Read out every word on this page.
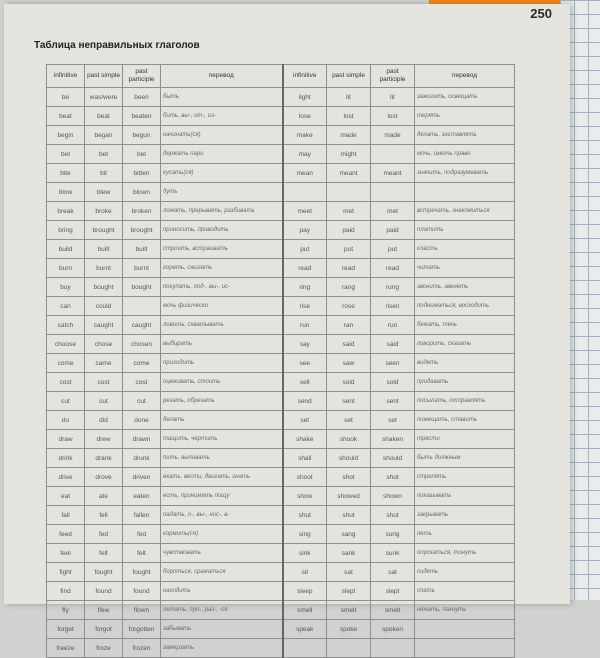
250
Таблица неправильных глаголов
infinitive	past simple	past participle	перевод	infinitive	past simple	past participle	перевод
be	was/were	been	быть	light	lit	lit	зажигать, освещать
beat	beat	beaten	бить, вы-, от-, из-	lose	lost	lost	терять
begin	began	begun	начинать(ся)	make	made	made	делать, заставлять
bet	bet	bet	держать пари	may	might		мочь, иметь право
bite	bit	bitten	кусать(ся)	mean	meant	meant	значить, подразумевать
blow	blew	blown	дуть				
break	broke	broken	ломать, прерывать, разбивать	meet	met	met	встречать, знакомиться
bring	brought	brought	приносить, приводить	pay	paid	paid	платить
build	built	built	строить, встраивать	put	put	put	класть
burn	burnt	burnt	гореть, сжигать	read	read	read	читать
buy	bought	bought	покупать, под-, вы-, ис-	ring	rang	rung	звонить, звенеть
can	could		мочь физически	rise	rose	risen	подниматься, восходить
catch	caught	caught	ловить, схватывать	run	ran	run	бежать, течь
choose	chose	chosen	выбирать	say	said	said	говорить, сказать
come	came	come	приходить	see	saw	seen	видеть
cost	cost	cost	оценивать, стоить	sell	sold	sold	продавать
cut	cut	cut	резать, обрезать	send	sent	sent	посылать, отправлять
do	did	done	делать	set	set	set	помещать, ставить
draw	drew	drawn	тащить, чертить	shake	shook	shaken	трясти
drink	drank	drunk	пить, выпивать	shall	should	should	быть должным
drive	drove	driven	ехать, вести, двигать, гнать	shoot	shot	shot	стрелять
eat	ate	eaten	есть, принимать пищу	show	showed	shown	показывать
fall	fell	fallen	падать, о-, вы-, нис-, в-	shut	shut	shut	закрывать
feed	fed	fed	кормить(ся)	sing	sang	sung	петь
feel	felt	felt	чувствовать	sink	sank	sunk	опускаться, тонуть
fight	fought	fought	бороться, сражаться	sit	sat	sat	сидеть
find	found	found	находить	sleep	slept	slept	спать
fly	flew	flown	летать, про-, раз-, -ся	smell	smelt	smelt	нюхать, пахнуть
forget	forgot	forgotten	забывать	speak	spoke	spoken	
freeze	froze	frozen	замерзать				
